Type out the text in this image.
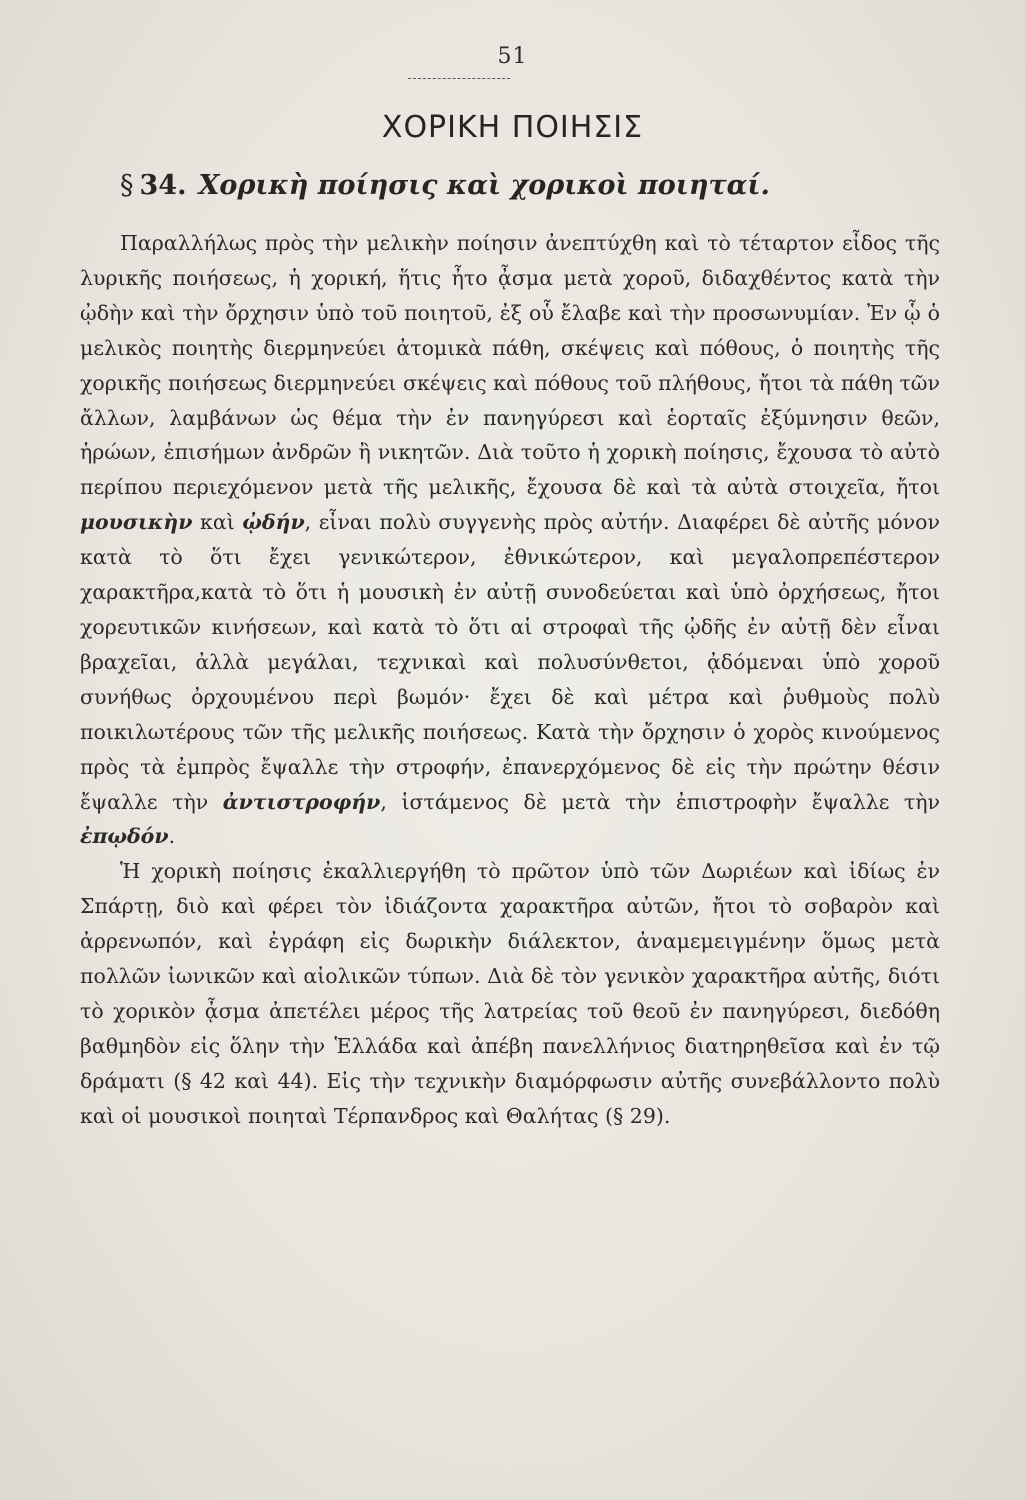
51
ΧΟΡΙΚΗ ΠΟΙΗΣΙΣ
§ 34. Χορικὴ ποίησις καὶ χορικοὶ ποιηταί.

Παραλλήλως πρὸς τὴν μελικὴν ποίησιν ἀνεπτύχθη καὶ τὸ τέταρτον εἶδος τῆς λυρικῆς ποιήσεως, ἡ χορική, ἥτις ἦτο ᾆσμα μετὰ χοροῦ, διδαχθέντος κατὰ τὴν ᾠδὴν καὶ τὴν ὄρχησιν ὑπὸ τοῦ ποιητοῦ, ἐξ οὗ ἔλαβε καὶ τὴν προσωνυμίαν. Ἐν ᾧ ὁ μελικὸς ποιητὴς διερμηνεύει ἀτομικὰ πάθη, σκέψεις καὶ πόθους, ὁ ποιητὴς τῆς χορικῆς ποιήσεως διερμηνεύει σκέψεις καὶ πόθους τοῦ πλήθους, ἤτοι τὰ πάθη τῶν ἄλλων, λαμβάνων ὡς θέμα τὴν ἐν πανηγύρεσι καὶ ἑορταῖς ἐξύμνησιν θεῶν, ἡρώων, ἐπισήμων ἀνδρῶν ἢ νικητῶν. Διὰ τοῦτο ἡ χορικὴ ποίησις, ἔχουσα τὸ αὐτὸ περίπου περιεχόμενον μετὰ τῆς μελικῆς, ἔχουσα δὲ καὶ τὰ αὐτὰ στοιχεῖα, ἤτοι μουσικὴν καὶ ᾠδήν, εἶναι πολὺ συγγενὴς πρὸς αὐτήν. Διαφέρει δὲ αὐτῆς μόνον κατὰ τὸ ὅτι ἔχει γενικώτερον, ἐθνικώτερον, καὶ μεγαλοπρεπέστερον χαρακτῆρα,κατὰ τὸ ὅτι ἡ μουσικὴ ἐν αὐτῇ συνοδεύεται καὶ ὑπὸ ὀρχήσεως, ἤτοι χορευτικῶν κινήσεων, καὶ κατὰ τὸ ὅτι αἱ στροφαὶ τῆς ᾠδῆς ἐν αὐτῇ δὲν εἶναι βραχεῖαι, ἀλλὰ μεγάλαι, τεχνικαὶ καὶ πολυσύνθετοι, ᾀδόμεναι ὑπὸ χοροῦ συνήθως ὀρχουμένου περὶ βωμόν· ἔχει δὲ καὶ μέτρα καὶ ῥυθμοὺς πολὺ ποικιλωτέρους τῶν τῆς μελικῆς ποιήσεως. Κατὰ τὴν ὄρχησιν ὁ χορὸς κινούμενος πρὸς τὰ ἐμπρὸς ἔψαλλε τὴν στροφήν, ἐπανερχόμενος δὲ εἰς τὴν πρώτην θέσιν ἔψαλλε τὴν ἀντιστροφήν, ἱστάμενος δὲ μετὰ τὴν ἐπιστροφὴν ἔψαλλε τὴν ἐπῳδόν.

Ἡ χορικὴ ποίησις ἐκαλλιεργήθη τὸ πρῶτον ὑπὸ τῶν Δωριέων καὶ ἰδίως ἐν Σπάρτῃ, διὸ καὶ φέρει τὸν ἰδιάζοντα χαρακτῆρα αὐτῶν, ἤτοι τὸ σοβαρὸν καὶ ἀρρενωπόν, καὶ ἐγράφη εἰς δωρικὴν διάλεκτον, ἀναμεμειγμένην ὅμως μετὰ πολλῶν ἰωνικῶν καὶ αἰολικῶν τύπων. Διὰ δὲ τὸν γενικὸν χαρακτῆρα αὐτῆς, διότι τὸ χορικὸν ᾆσμα ἀπετέλει μέρος τῆς λατρείας τοῦ θεοῦ ἐν πανηγύρεσι, διεδόθη βαθμηδὸν εἰς ὅλην τὴν Ἑλλάδα καὶ ἀπέβη πανελλήνιος διατηρηθεῖσα καὶ ἐν τῷ δράματι (§ 42 καὶ 44). Εἰς τὴν τεχνικὴν διαμόρφωσιν αὐτῆς συνεβάλλοντο πολὺ καὶ οἱ μουσικοὶ ποιηταὶ Τέρπανδρος καὶ Θαλήτας (§ 29).
